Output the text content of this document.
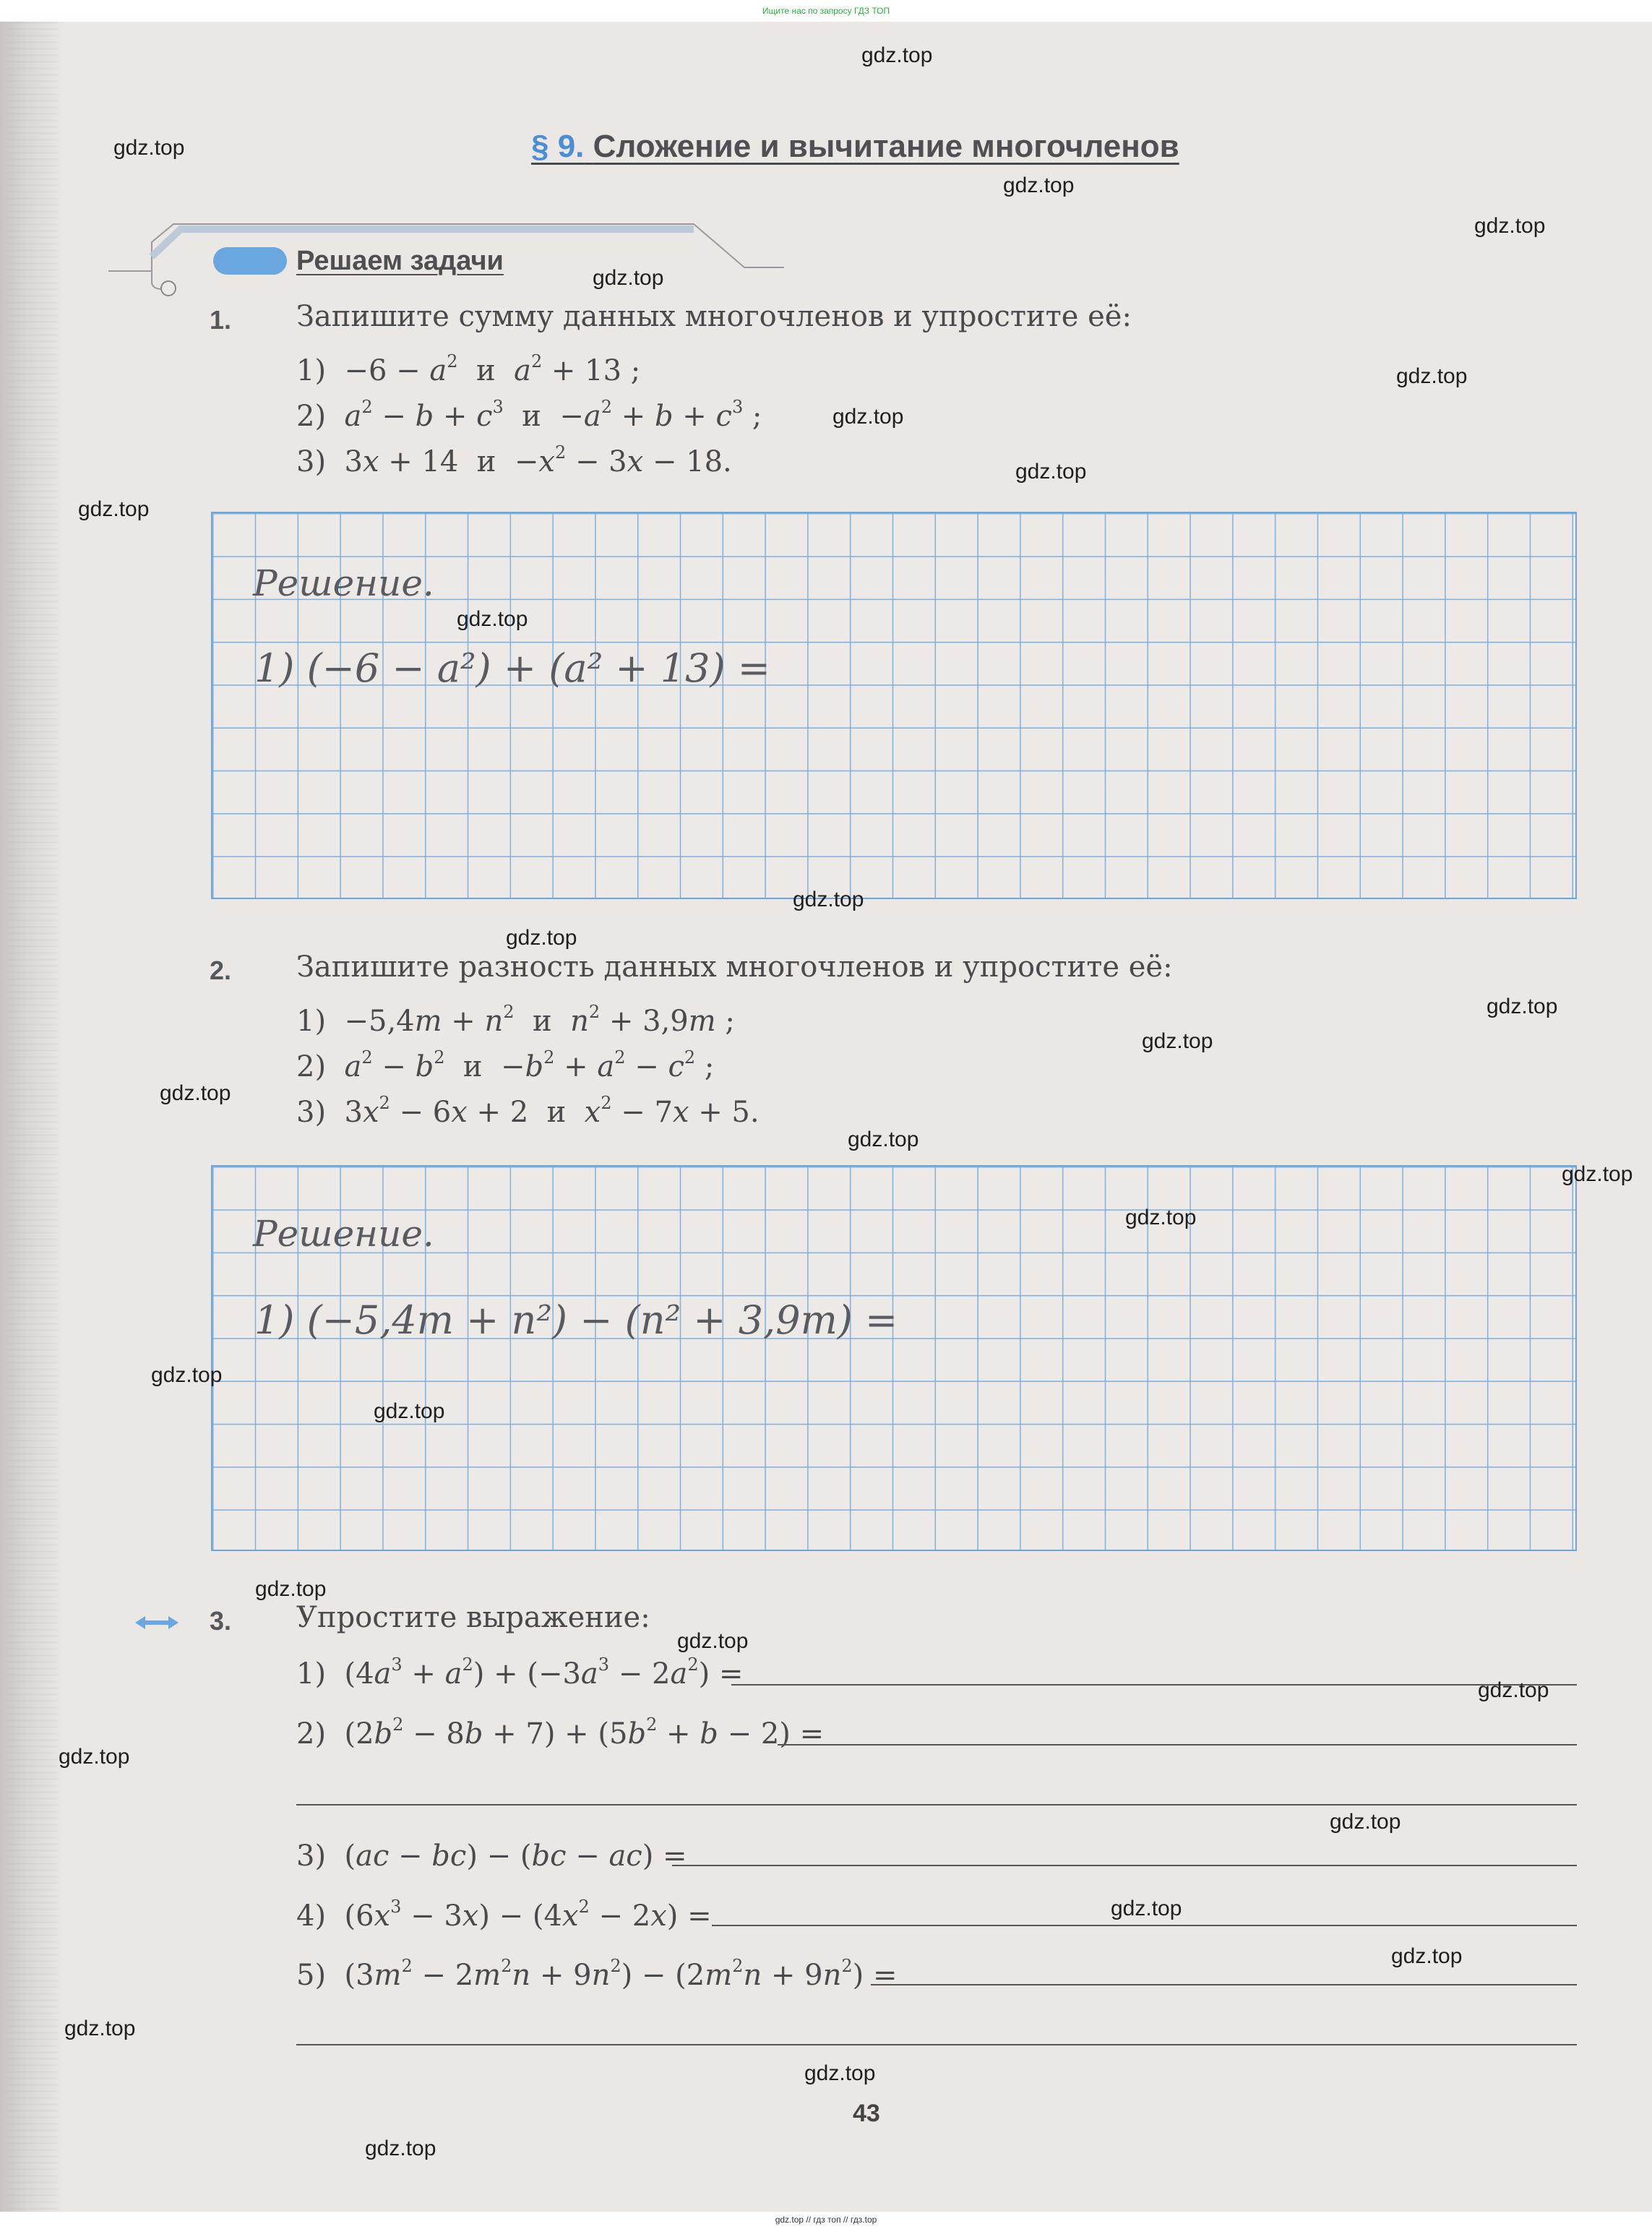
Ищите нас по запросу ГДЗ ТОП
§ 9. Сложение и вычитание многочленов
Решаем задачи
1. Запишите сумму данных многочленов и упростите её:
$1) -6 - a^2$  и  $a^2 + 13$ ;
2)  $a^2 - b + c^3$  $и -a^2 + b + c^3$ ;
3)  3x + 14  $и -x^2 - 3x - 18$.
Решение.
1) (−6 − a²) + (a² + 13) =
2. Запишите разность данных многочленов и упростите её:
$1) -5,4m + n^2$  и  $n^2 + 3,9m$ ;
2)  $a^2 - b^2$  $и -b^2 + a^2 - c^2$ ;
3)  $3x^2 - 6x + 2$  и  $x^2 - 7x + 5$.
Решение.
1) (−5,4m + n²) − (n² + 3,9m) =
3. Упростите выражение:
1)  $(4a^3 + a^2) + (-3a^3 - 2a^2)$ =
2)  $(2b^2 - 8b + 7) + (5b^2 + b - 2)$ =
3)  (ac − bc) − (bc − ac) =
4)  $(6x^3 - 3x) - (4x^2 - 2x)$ =
5)  $(3m^2 - 2m^2n + 9n^2) - (2m^2n + 9n^2)$ =
43
gdz.top
gdz.top
gdz.top
gdz.top
gdz.top
gdz.top
gdz.top
gdz.top
gdz.top
gdz.top
gdz.top
gdz.top
gdz.top
gdz.top
gdz.top
gdz.top
gdz.top
gdz.top
gdz.top
gdz.top
gdz.top
gdz.top
gdz.top
gdz.top
gdz.top
gdz.top
gdz.top
gdz.top
gdz.top
gdz.top
gdz.top // гдз топ // гдз.top
